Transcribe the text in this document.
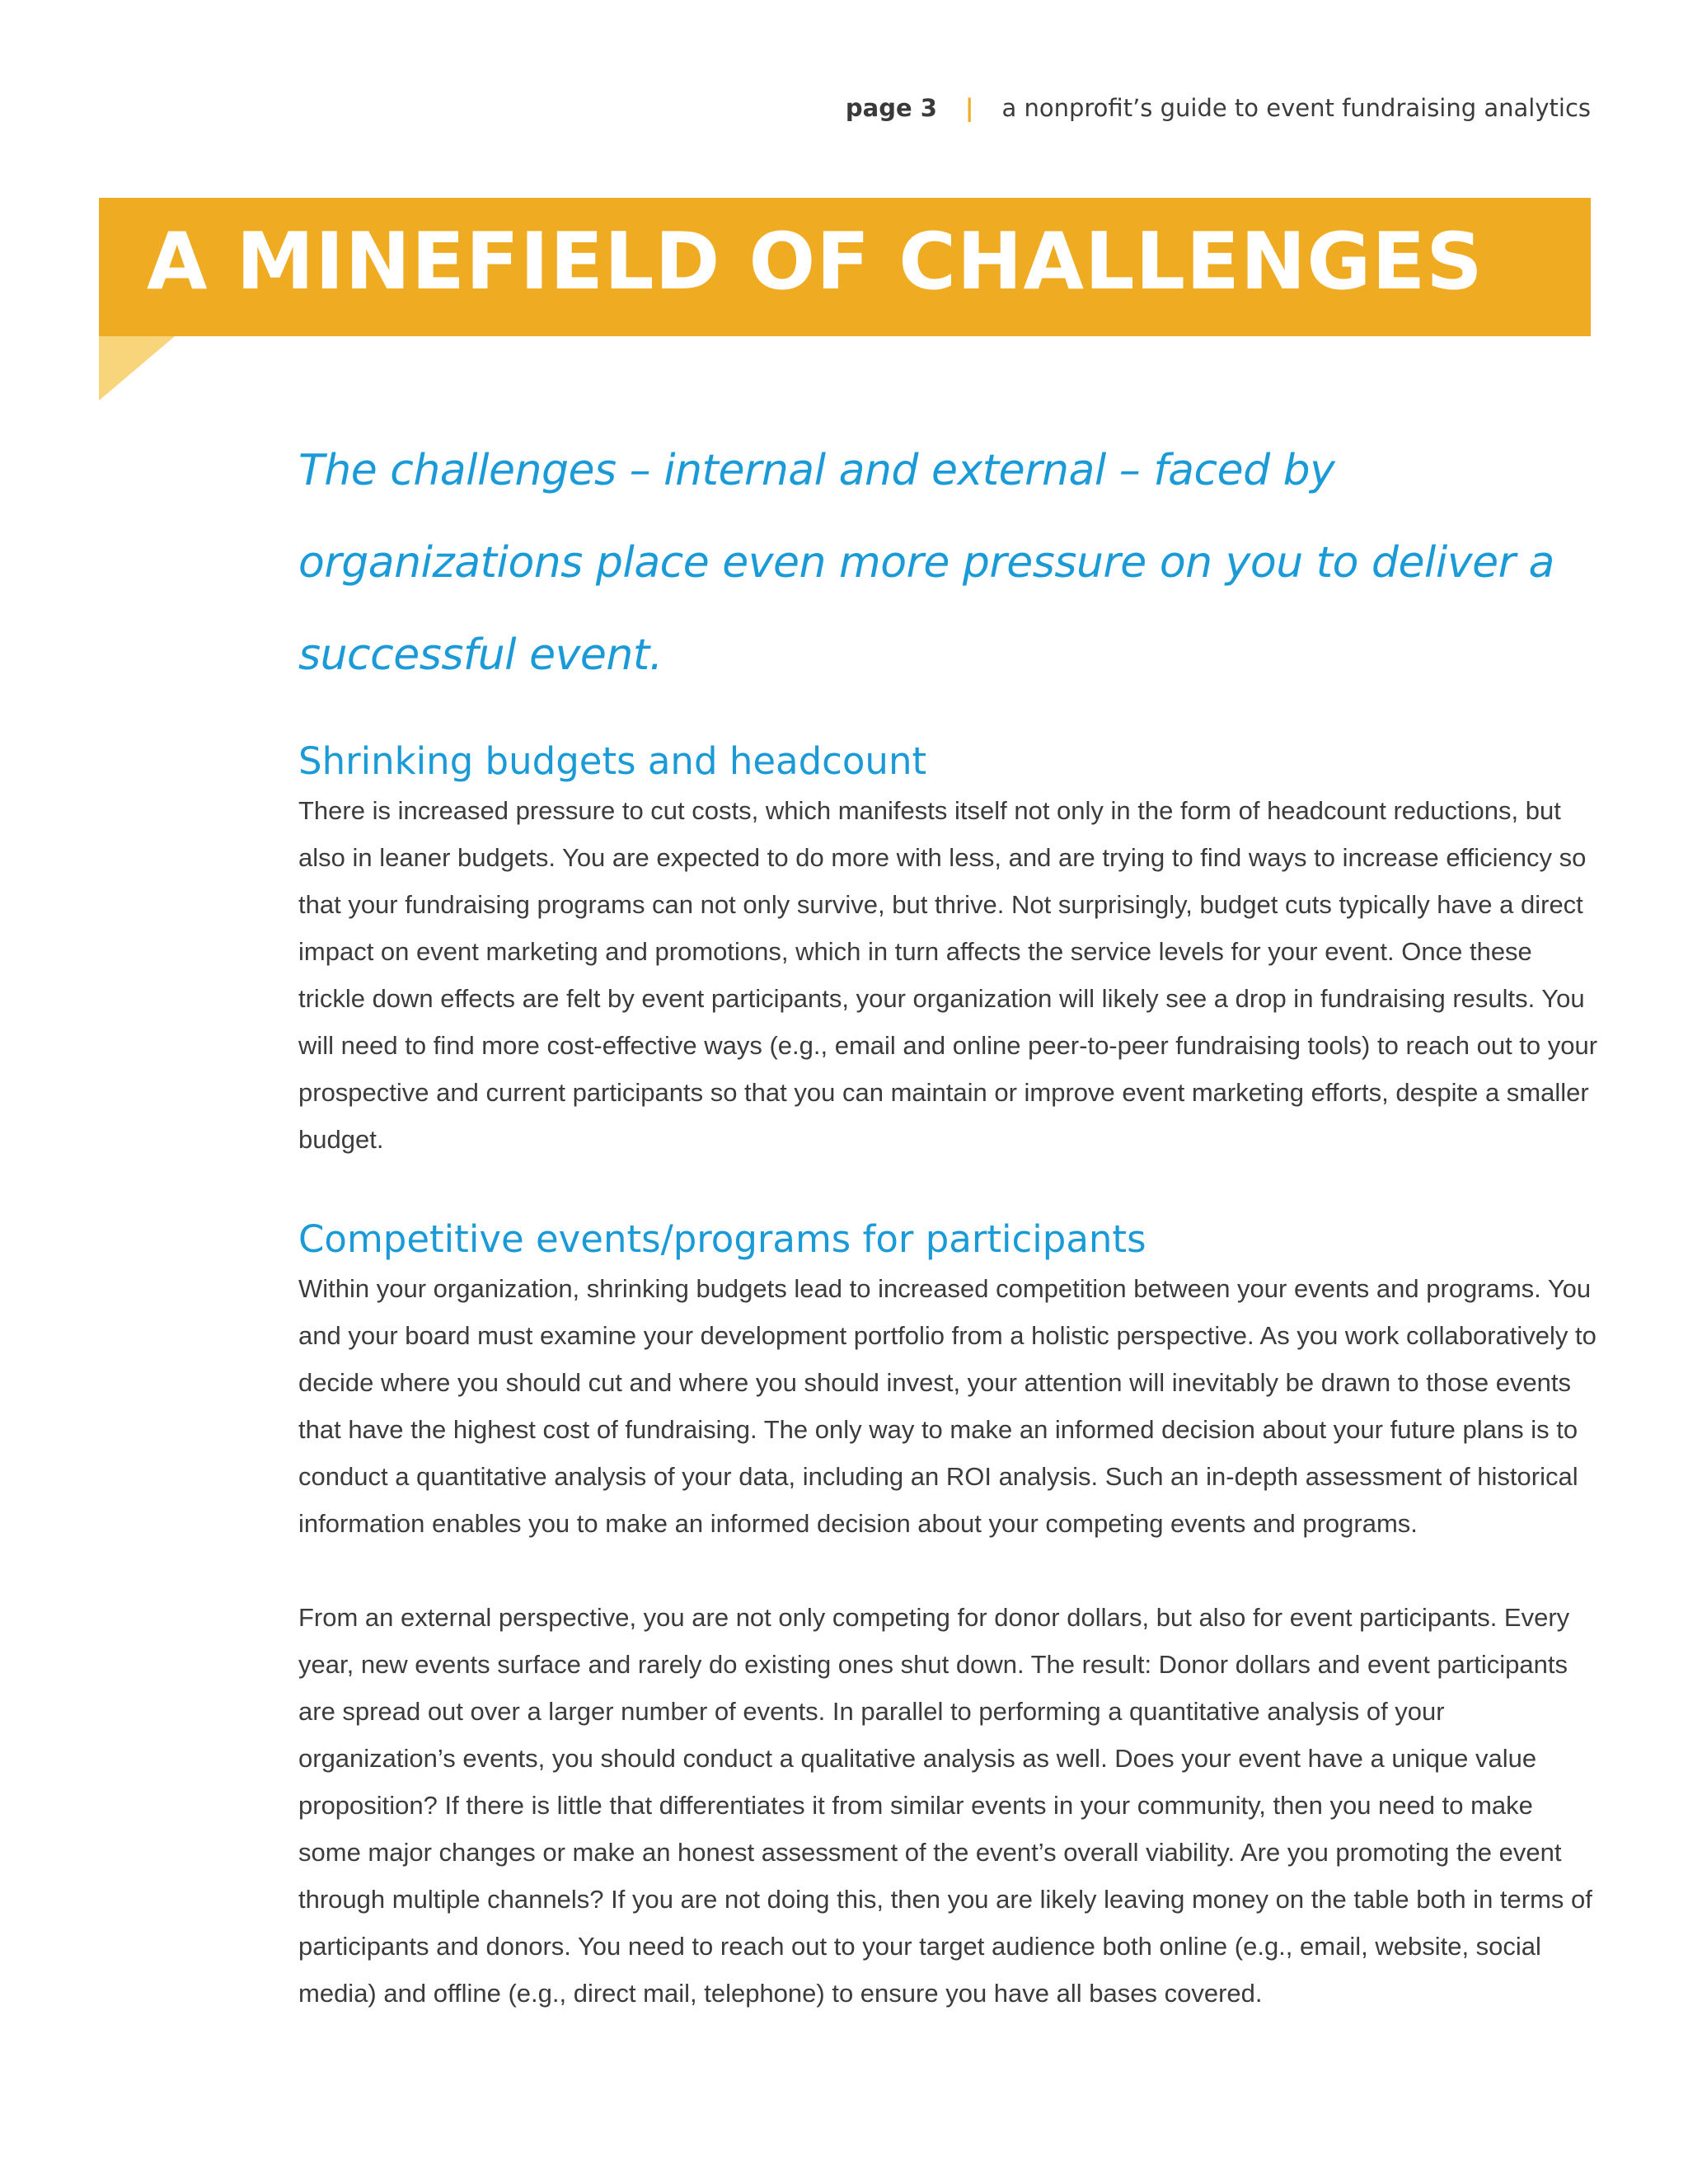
page 3 | a nonprofit’s guide to event fundraising analytics
A MINEFIELD OF CHALLENGES

The challenges – internal and external – faced by organizations place even more pressure on you to deliver a successful event.

Shrinking budgets and headcount

There is increased pressure to cut costs, which manifests itself not only in the form of headcount reductions, but also in leaner budgets. You are expected to do more with less, and are trying to find ways to increase efficiency so that your fundraising programs can not only survive, but thrive. Not surprisingly, budget cuts typically have a direct impact on event marketing and promotions, which in turn affects the service levels for your event. Once these trickle down effects are felt by event participants, your organization will likely see a drop in fundraising results. You will need to find more cost-effective ways (e.g., email and online peer-to-peer fundraising tools) to reach out to your prospective and current participants so that you can maintain or improve event marketing efforts, despite a smaller budget.

Competitive events/programs for participants

Within your organization, shrinking budgets lead to increased competition between your events and programs. You and your board must examine your development portfolio from a holistic perspective. As you work collaboratively to decide where you should cut and where you should invest, your attention will inevitably be drawn to those events that have the highest cost of fundraising. The only way to make an informed decision about your future plans is to conduct a quantitative analysis of your data, including an ROI analysis. Such an in-depth assessment of historical information enables you to make an informed decision about your competing events and programs.

From an external perspective, you are not only competing for donor dollars, but also for event participants. Every year, new events surface and rarely do existing ones shut down. The result: Donor dollars and event participants are spread out over a larger number of events. In parallel to performing a quantitative analysis of your organization’s events, you should conduct a qualitative analysis as well. Does your event have a unique value proposition? If there is little that differentiates it from similar events in your community, then you need to make some major changes or make an honest assessment of the event’s overall viability. Are you promoting the event through multiple channels? If you are not doing this, then you are likely leaving money on the table both in terms of participants and donors. You need to reach out to your target audience both online (e.g., email, website, social media) and offline (e.g., direct mail, telephone) to ensure you have all bases covered.
